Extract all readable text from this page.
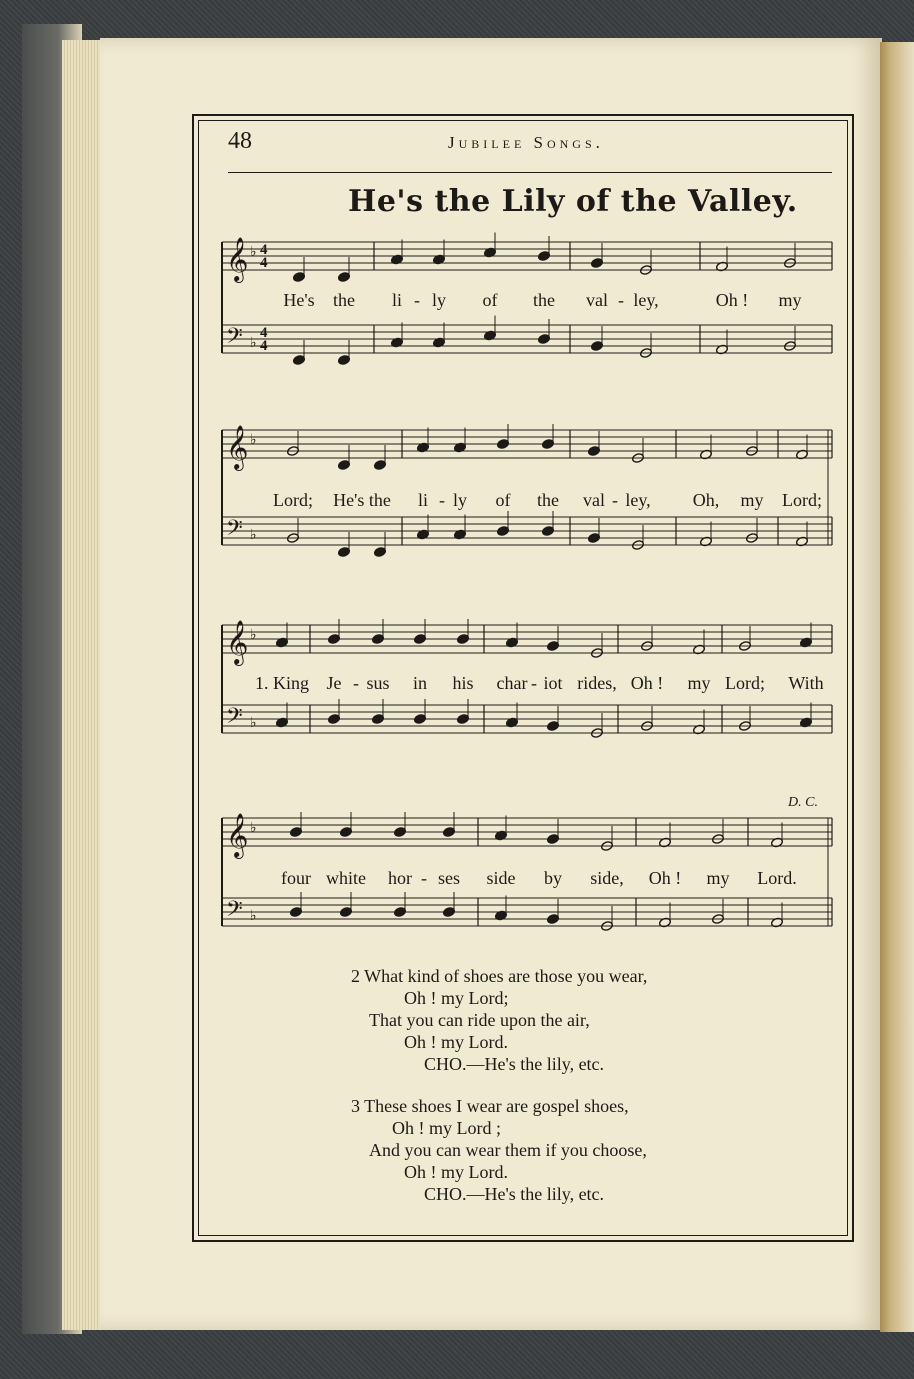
48	Jubilee Songs.
He's the Lily of the Valley.
𝄞 ♭
𝄢 ♭
4
4
4
4
𝄞 ♭
𝄢 ♭
𝄞 ♭
𝄢 ♭
𝄞 ♭
𝄢 ♭
He's the li - ly of the val - ley,	Oh ! my
Lord; He's the li - ly of the val - ley, Oh, my Lord;
1. King Je - sus in his char - iot rides, Oh ! my Lord; With
four white hor - ses side by side, Oh ! my Lord.
D. C.
2 What kind of shoes are those you wear,
Oh ! my Lord;
That you can ride upon the air,
Oh ! my Lord.
CHO.—He's the lily, etc.
3 These shoes I wear are gospel shoes,
Oh ! my Lord ;
And you can wear them if you choose,
Oh ! my Lord.
CHO.—He's the lily, etc.
